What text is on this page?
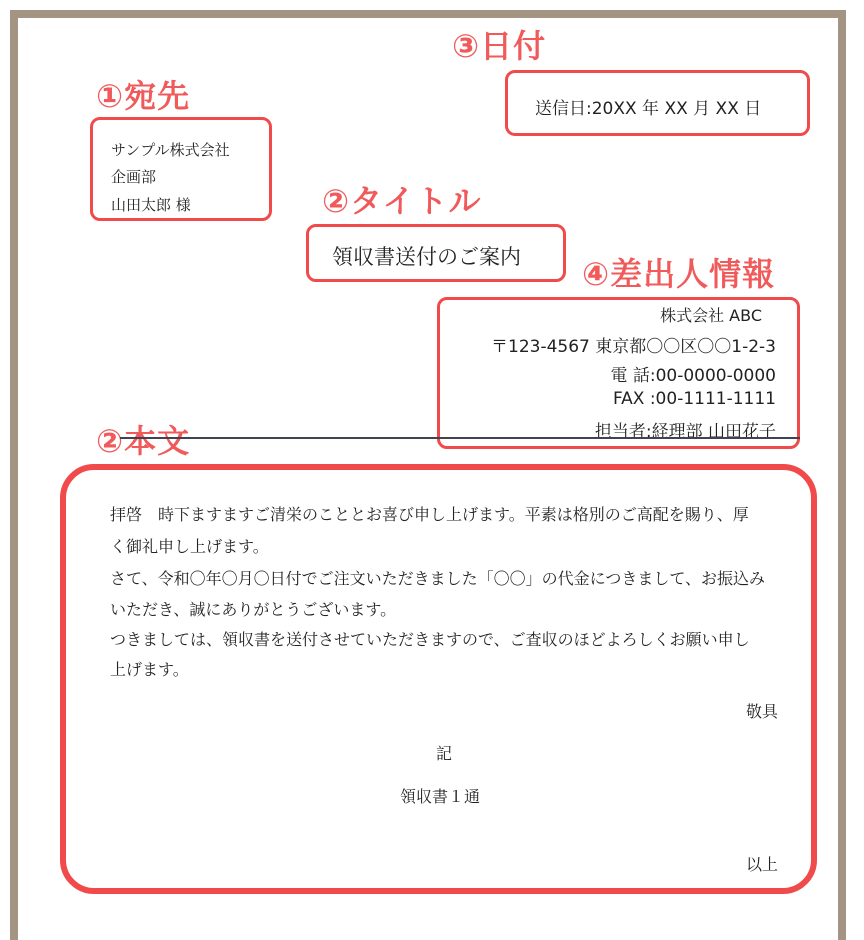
③日付
①宛先
②タイトル
④差出人情報
②本文
サンプル株式会社
企画部
山田太郎 様
送信日:20XX 年 XX 月 XX 日
領収書送付のご案内
株式会社 ABC
〒123-4567 東京都〇〇区〇〇1-2-3
電 話:00-0000-0000
FAX :00-1111-1111
担当者:経理部 山田花子
拝啓　時下ますますご清栄のこととお喜び申し上げます。平素は格別のご高配を賜り、厚
く御礼申し上げます。
さて、令和〇年〇月〇日付でご注文いただきました「〇〇」の代金につきまして、お振込み
いただき、誠にありがとうございます。
つきましては、領収書を送付させていただきますので、ご査収のほどよろしくお願い申し
上げます。
敬具
記
領収書１通
以上
